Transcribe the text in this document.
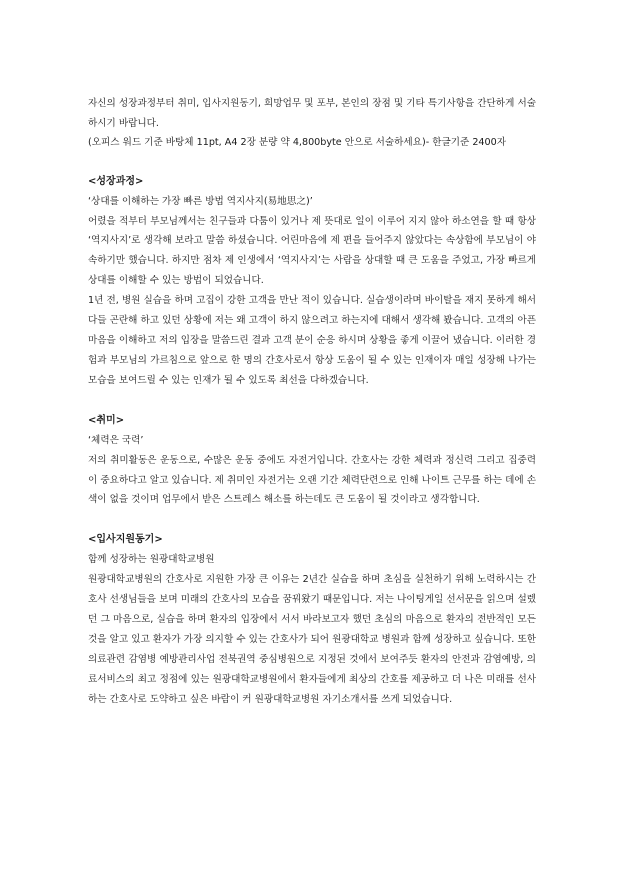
자신의 성장과정부터 취미, 입사지원동기, 희망업무 및 포부, 본인의 장점 및 기타 특기사항을 간단하게 서술하시기 바랍니다.

(오피스 워드 기준 바탕체 11pt, A4 2장 분량 약 4,800byte 안으로 서술하세요)- 한글기준 2400자

<성장과정>

‘상대를 이해하는 가장 빠른 방법 역지사지(易地思之)’

어렸을 적부터 부모님께서는 친구들과 다툼이 있거나 제 뜻대로 일이 이루어 지지 않아 하소연을 할 때 항상 ‘역지사지’로 생각해 보라고 말씀 하셨습니다. 어린마음에 제 편을 들어주지 않았다는 속상함에 부모님이 야속하기만 했습니다. 하지만 점차 제 인생에서 ‘역지사지’는 사람을 상대할 때 큰 도움을 주었고, 가장 빠르게 상대를 이해할 수 있는 방법이 되었습니다.

1년 전, 병원 실습을 하며 고집이 강한 고객을 만난 적이 있습니다. 실습생이라며 바이탈을 재지 못하게 해서 다들 곤란해 하고 있던 상황에 저는 왜 고객이 하지 않으려고 하는지에 대해서 생각해 봤습니다. 고객의 아픈 마음을 이해하고 저의 입장을 말씀드린 결과 고객 분이 순응 하시며 상황을 좋게 이끌어 냈습니다. 이러한 경험과 부모님의 가르침으로 앞으로 한 명의 간호사로서 항상 도움이 될 수 있는 인재이자 매일 성장해 나가는 모습을 보여드릴 수 있는 인재가 될 수 있도록 최선을 다하겠습니다.

<취미>

‘체력은 국력’

저의 취미활동은 운동으로, 수많은 운동 중에도 자전거입니다. 간호사는 강한 체력과 정신력 그리고 집중력이 중요하다고 알고 있습니다. 제 취미인 자전거는 오랜 기간 체력단련으로 인해 나이트 근무를 하는 데에 손색이 없을 것이며 업무에서 받은 스트레스 해소를 하는데도 큰 도움이 될 것이라고 생각합니다.

<입사지원동기>

함께 성장하는 원광대학교병원

원광대학교병원의 간호사로 지원한 가장 큰 이유는 2년간 실습을 하며 초심을 실천하기 위해 노력하시는 간호사 선생님들을 보며 미래의 간호사의 모습을 꿈꿔왔기 때문입니다. 저는 나이팅게일 선서문을 읽으며 설렜던 그 마음으로, 실습을 하며 환자의 입장에서 서서 바라보고자 했던 초심의 마음으로 환자의 전반적인 모든 것을 알고 있고 환자가 가장 의지할 수 있는 간호사가 되어 원광대학교 병원과 함께 성장하고 싶습니다. 또한 의료관련 감염병 예방관리사업 전북권역 중심병원으로 지정된 것에서 보여주듯 환자의 안전과 감염예방, 의료서비스의 최고 정점에 있는 원광대학교병원에서 환자들에게 최상의 간호를 제공하고 더 나은 미래를 선사하는 간호사로 도약하고 싶은 바람이 커 원광대학교병원 자기소개서를 쓰게 되었습니다.
